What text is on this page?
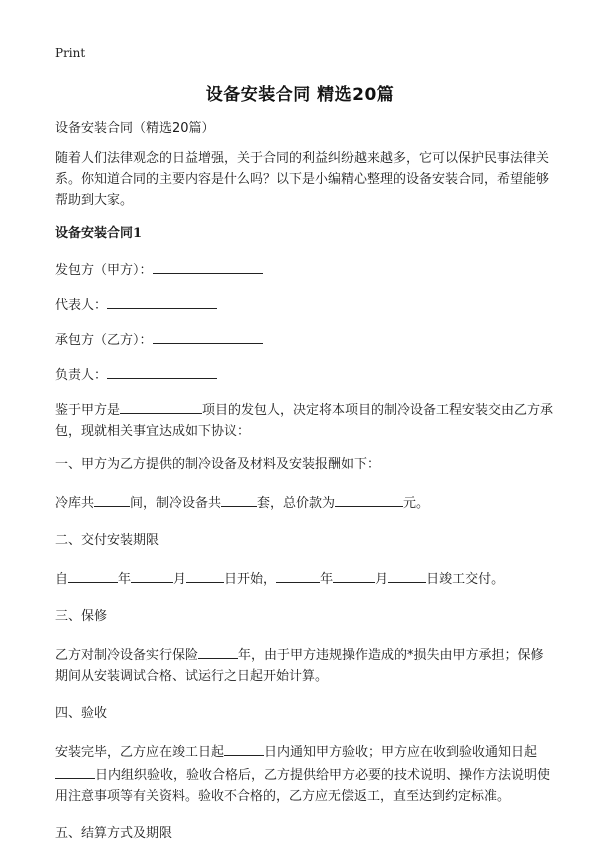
Print
设备安装合同 精选20篇

设备安装合同（精选20篇）

随着人们法律观念的日益增强，关于合同的利益纠纷越来越多，它可以保护民事法律关系。你知道合同的主要内容是什么吗？以下是小编精心整理的设备安装合同，希望能够帮助到大家。

设备安装合同1
发包方（甲方）：
代表人：
承包方（乙方）：
负责人：

鉴于甲方是	项目的发包人，决定将本项目的制冷设备工程安装交由乙方承包，现就相关事宜达成如下协议：

一、甲方为乙方提供的制冷设备及材料及安装报酬如下：

冷库共	间，制冷设备共	套，总价款为	元。

二、交付安装期限

自	年	月	日开始，	年	月	日竣工交付。

三、保修

乙方对制冷设备实行保险	年，由于甲方违规操作造成的*损失由甲方承担；保修期间从安装调试合格、试运行之日起开始计算。

四、验收

安装完毕，乙方应在竣工日起	日内通知甲方验收；甲方应在收到验收通知日起日内组织验收，验收合格后，乙方提供给甲方必要的技术说明、操作方法说明使用注意事项等有关资料。验收不合格的，乙方应无偿返工，直至达到约定标准。

五、结算方式及期限
